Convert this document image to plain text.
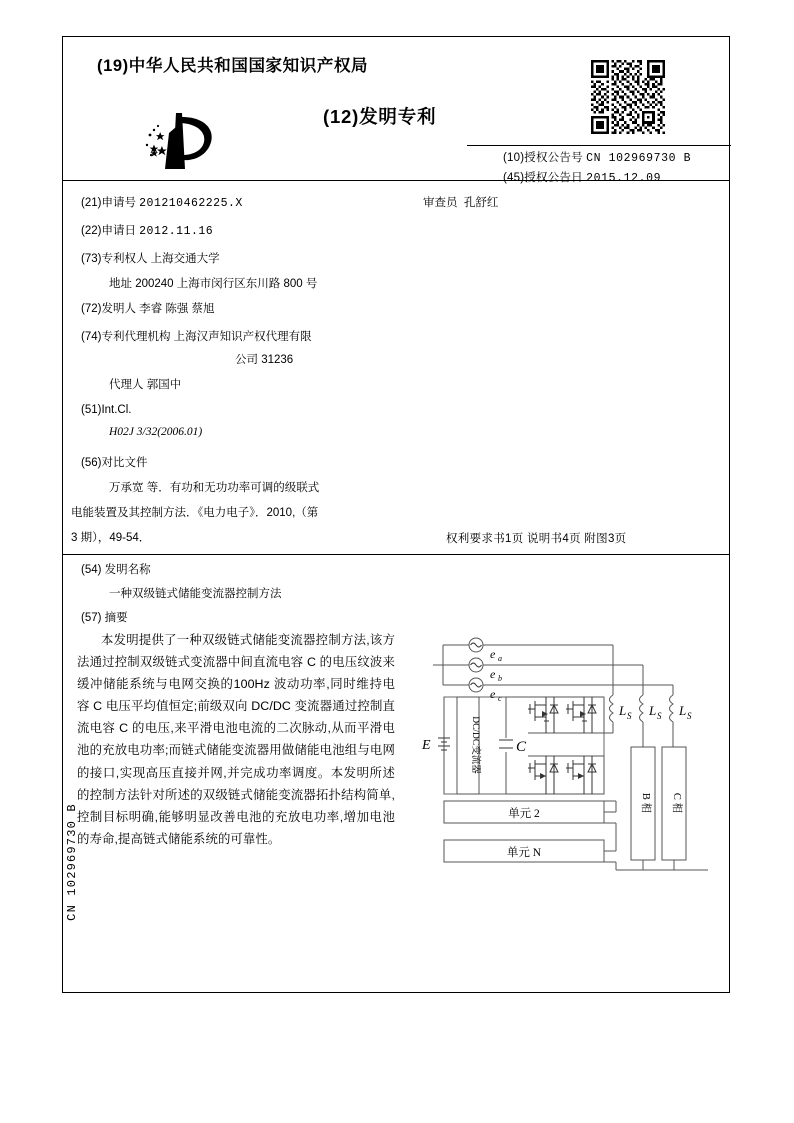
(19)中华人民共和国国家知识产权局
(12)发明专利
(10)授权公告号 CN 102969730 B
(45)授权公告日 2015.12.09
(21)申请号 201210462225.X	审查员 孔舒红
(22)申请日 2012.11.16
(73)专利权人 上海交通大学
地址 200240 上海市闵行区东川路 800 号
(72)发明人 李睿 陈强 蔡旭
(74)专利代理机构 上海汉声知识产权代理有限
公司 31236
代理人 郭国中
(51)Int.Cl.
H02J 3/32(2006.01)
(56)对比文件
万承宽 等．有功和无功功率可调的级联式
电能装置及其控制方法．《电力电子》．2010,（第
3 期），49-54．	权利要求书1页 说明书4页 附图3页
(54) 发明名称
一种双级链式储能变流器控制方法
(57) 摘要
本发明提供了一种双级链式储能变流器控制方法,该方法通过控制双级链式变流器中间直流电容 C 的电压纹波来缓冲储能系统与电网交换的100Hz 波动功率,同时维持电容 C 电压平均值恒定;前级双向 DC/DC 变流器通过控制直流电容 C 的电压,来平滑电池电流的二次脉动,从而平滑电池的充放电功率;而链式储能变流器用做储能电池组与电网的接口,实现高压直接并网,并完成功率调度。本发明所述的控制方法针对所述的双级链式储能变流器拓扑结构简单,控制目标明确,能够明显改善电池的充放电功率,增加电池的寿命,提高链式储能系统的可靠性。
e a
e b
e c
E	DC/DC变流器 C
L S L S L S
单元 2
单元 N
B 相 C 相
CN 102969730 B
